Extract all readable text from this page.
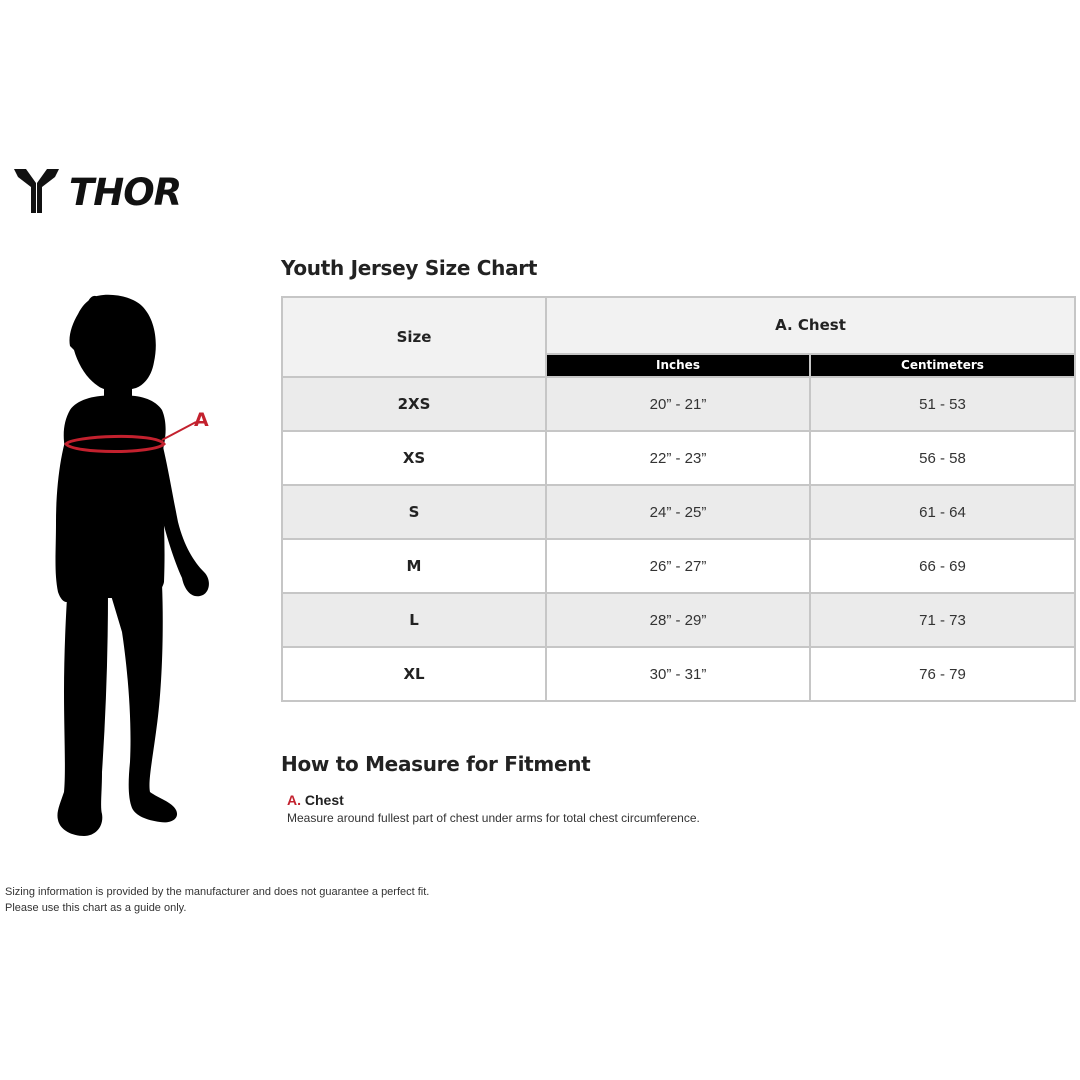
THOR
A
Youth Jersey Size Chart
Size	A. Chest	
	Inches	Centimeters
2XS	20” - 21”	51 - 53
XS	22” - 23”	56 - 58
S	24” - 25”	61 - 64
M	26” - 27”	66 - 69
L	28” - 29”	71 - 73
XL	30” - 31”	76 - 79
How to Measure for Fitment
A. Chest
Measure around fullest part of chest under arms for total chest circumference.
Sizing information is provided by the manufacturer and does not guarantee a perfect fit.
Please use this chart as a guide only.
